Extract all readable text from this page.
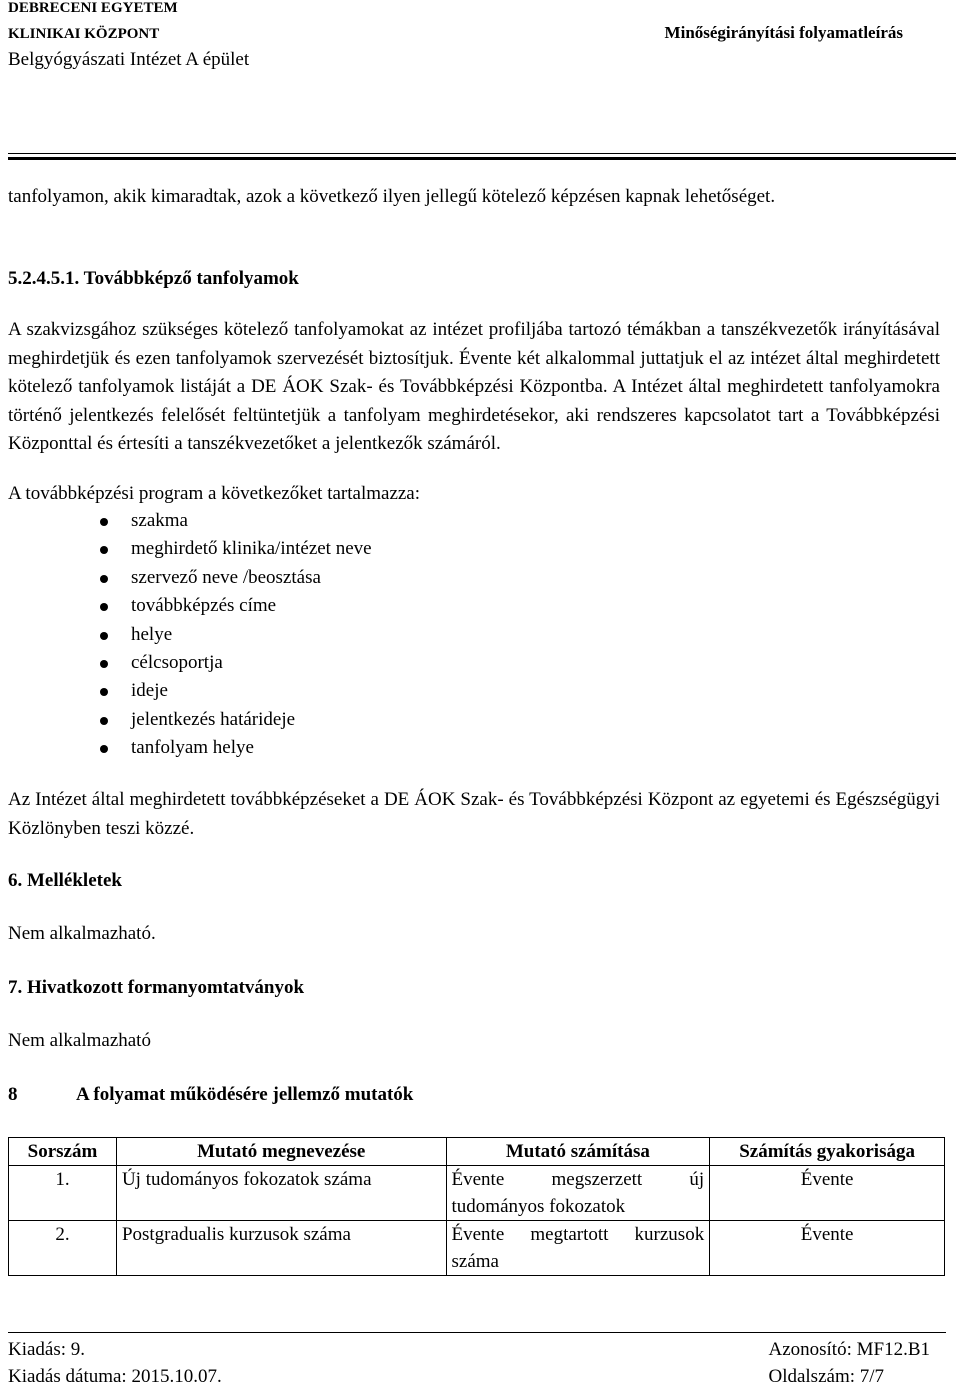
DEBRECENI EGYETEM
KLINIKAI KÖZPONT
Belgyógyászati Intézet A épület
Minőségirányítási folyamatleírás
tanfolyamon, akik kimaradtak, azok a következő ilyen jellegű kötelező képzésen kapnak lehetőséget.
5.2.4.5.1. Továbbképző tanfolyamok
A szakvizsgához szükséges kötelező tanfolyamokat az intézet profiljába tartozó témákban a tanszékvezetők irányításával meghirdetjük és ezen tanfolyamok szervezését biztosítjuk. Évente két alkalommal juttatjuk el az intézet által meghirdetett kötelező tanfolyamok listáját a DE ÁOK Szak- és Továbbképzési Központba. A Intézet által meghirdetett tanfolyamokra történő jelentkezés felelősét feltüntetjük a tanfolyam meghirdetésekor, aki rendszeres kapcsolatot tart a Továbbképzési Központtal és értesíti a tanszékvezetőket a jelentkezők számáról.
A továbbképzési program a következőket tartalmazza:
szakma
meghirdető klinika/intézet neve
szervező neve /beosztása
továbbképzés címe
helye
célcsoportja
ideje
jelentkezés határideje
tanfolyam helye
Az Intézet által meghirdetett továbbképzéseket a DE ÁOK Szak- és Továbbképzési Központ az egyetemi és Egészségügyi Közlönyben teszi közzé.
6. Mellékletek
Nem alkalmazható.
7. Hivatkozott formanyomtatványok
Nem alkalmazható
8	A folyamat működésére jellemző mutatók
Sorszám	Mutató megnevezése	Mutató számítása	Számítás gyakorisága
1.	Új tudományos fokozatok száma	Évente megszerzett új tudományos fokozatok	Évente
2.	Postgradualis kurzusok száma	Évente megtartott kurzusok száma	Évente
Kiadás: 9.
Kiadás dátuma: 2015.10.07.
Azonosító: MF12.B1
Oldalszám: 7/7
